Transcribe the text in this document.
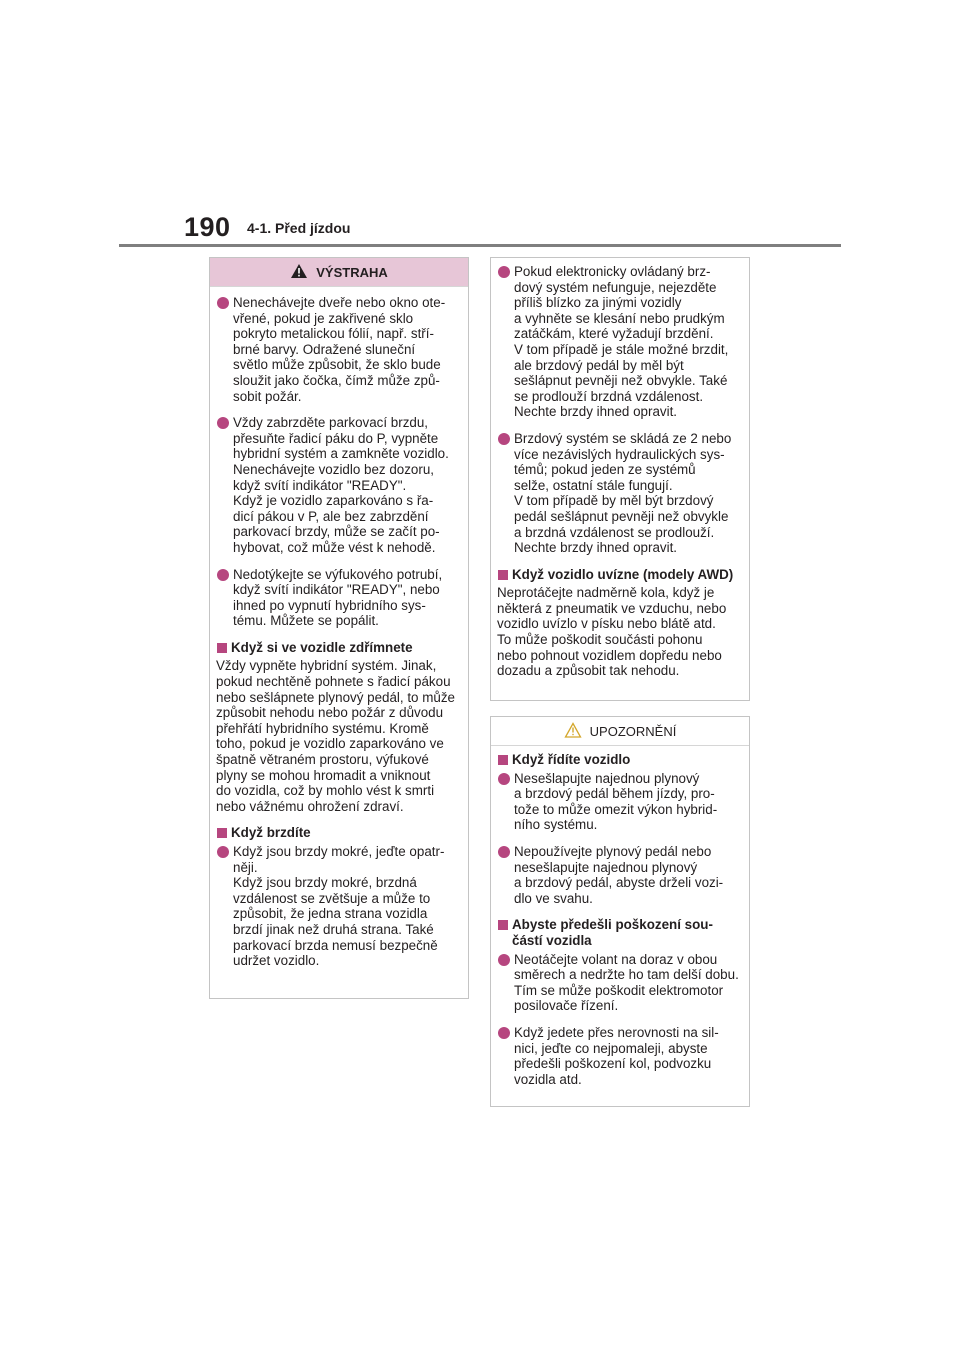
190 4-1. Před jízdou
VÝSTRAHA
Nenechávejte dveře nebo okno ote-
vřené, pokud je zakřivené sklo
pokryto metalickou fólií, např. stří-
brné barvy. Odražené sluneční
světlo může způsobit, že sklo bude
sloužit jako čočka, čímž může způ-
sobit požár.
Vždy zabrzděte parkovací brzdu,
přesuňte řadicí páku do P, vypněte
hybridní systém a zamkněte vozidlo.
Nenechávejte vozidlo bez dozoru,
když svítí indikátor "READY".
Když je vozidlo zaparkováno s řa-
dicí pákou v P, ale bez zabrzdění
parkovací brzdy, může se začít po-
hybovat, což může vést k nehodě.
Nedotýkejte se výfukového potrubí,
když svítí indikátor "READY", nebo
ihned po vypnutí hybridního sys-
tému. Můžete se popálit.
Když si ve vozidle zdřímnete
Vždy vypněte hybridní systém. Jinak,
pokud nechtěně pohnete s řadicí pákou
nebo sešlápnete plynový pedál, to může
způsobit nehodu nebo požár z důvodu
přehřátí hybridního systému. Kromě
toho, pokud je vozidlo zaparkováno ve
špatně větraném prostoru, výfukové
plyny se mohou hromadit a vniknout
do vozidla, což by mohlo vést k smrti
nebo vážnému ohrožení zdraví.
Když brzdíte
Když jsou brzdy mokré, jeďte opatr-
něji.
Když jsou brzdy mokré, brzdná
vzdálenost se zvětšuje a může to
způsobit, že jedna strana vozidla
brzdí jinak než druhá strana. Také
parkovací brzda nemusí bezpečně
udržet vozidlo.
Pokud elektronicky ovládaný brz-
dový systém nefunguje, nejezděte
příliš blízko za jinými vozidly
a vyhněte se klesání nebo prudkým
zatáčkám, které vyžadují brzdění.
V tom případě je stále možné brzdit,
ale brzdový pedál by měl být
sešlápnut pevněji než obvykle. Také
se prodlouží brzdná vzdálenost.
Nechte brzdy ihned opravit.
Brzdový systém se skládá ze 2 nebo
více nezávislých hydraulických sys-
témů; pokud jeden ze systémů
selže, ostatní stále fungují.
V tom případě by měl být brzdový
pedál sešlápnut pevněji než obvykle
a brzdná vzdálenost se prodlouží.
Nechte brzdy ihned opravit.
Když vozidlo uvízne (modely AWD)
Neprotáčejte nadměrně kola, když je
některá z pneumatik ve vzduchu, nebo
vozidlo uvízlo v písku nebo blátě atd.
To může poškodit součásti pohonu
nebo pohnout vozidlem dopředu nebo
dozadu a způsobit tak nehodu.
UPOZORNĚNÍ
Když řídíte vozidlo
Nesešlapujte najednou plynový
a brzdový pedál během jízdy, pro-
tože to může omezit výkon hybrid-
ního systému.
Nepoužívejte plynový pedál nebo
nesešlapujte najednou plynový
a brzdový pedál, abyste drželi vozi-
dlo ve svahu.
Abyste předešli poškození sou-
částí vozidla
Neotáčejte volant na doraz v obou
směrech a nedržte ho tam delší dobu.
Tím se může poškodit elektromotor
posilovače řízení.
Když jedete přes nerovnosti na sil-
nici, jeďte co nejpomaleji, abyste
předešli poškození kol, podvozku
vozidla atd.
